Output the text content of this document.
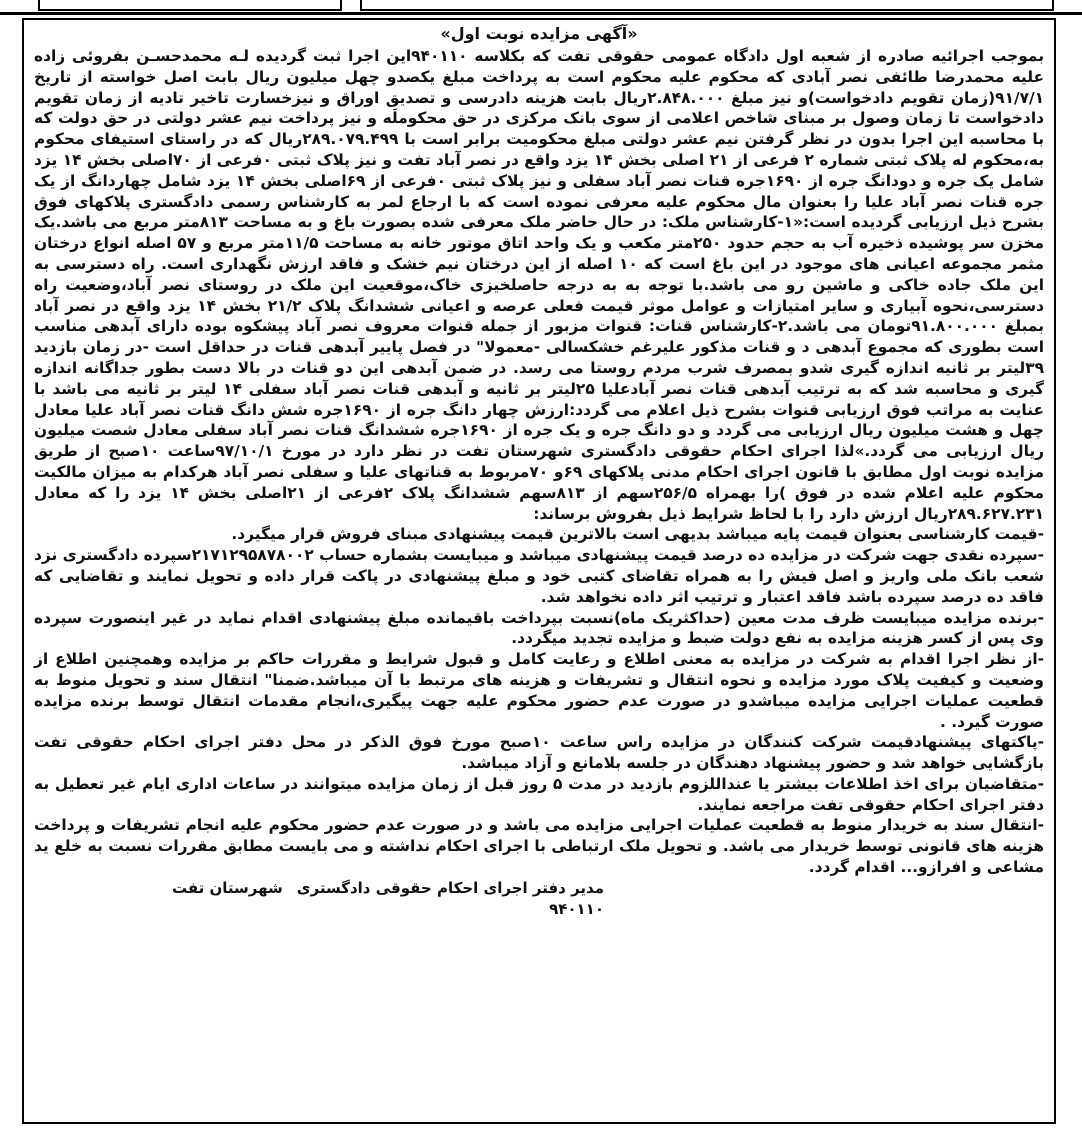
«آگهی مزایده نوبت اول»

بموجب اجرائیه صادره از شعبه اول دادگاه عمومی حقوقی تفت که بکلاسه ۹۴۰۱۱۰این اجرا ثبت گردیده لـه محمدحسـن بفروئی زاده علیه محمدرضا طائفی نصر آبادی که محکوم علیه محکوم است به پرداخت مبلغ یکصدو چهل میلیون ریال بابت اصل خواسته از تاریخ ۹۱/۷/۱(زمان تقویم دادخواست)و نیز مبلغ ۲.۸۴۸.۰۰۰ریال بابت هزینه دادرسی و تصدیق اوراق و نیزخسارت تاخیر تادیه از زمان تقویم دادخواست تا زمان وصول بر مبنای شاخص اعلامی از سوی بانک مرکزی در حق محکوملَه و نیز پرداخت نیم عشر دولتی در حق دولت که با محاسبه این اجرا بدون در نظر گرفتن نیم عشر دولتی مبلغ محکومیت برابر است با ۲۸۹.۰۷۹.۴۹۹ریال که در راستای استیفای محکوم به،محکوم له پلاک ثبتی شماره ۲ فرعی از ۲۱ اصلی بخش ۱۴ یزد واقع در نصر آباد تفت و نیز پلاک ثبتی ۰فرعی از ۷۰اصلی بخش ۱۴ یزد شامل یک جره و دودانگ جره از ۱۶۹۰جره قنات نصر آباد سفلی و نیز پلاک ثبتی ۰فرعی از ۶۹اصلی بخش ۱۴ یزد شامل چهاردانگ از یک جره قنات نصر آباد علیا را بعنوان مال محکوم علیه معرفی نموده است که با ارجاع لمر به کارشناس رسمی دادگستری پلاکهای فوق بشرح ذیل ارزیابی گردیده است:«۱-کارشناس ملک: در حال حاضر ملک معرفی شده بصورت باغ و به مساحت ۸۱۳متر مربع می باشد.یک مخزن سر پوشیده ذخیره آب به حجم حدود ۲۵۰متر مکعب و یک واحد اتاق موتور خانه به مساحت ۱۱/۵متر مربع و ۵۷ اصله انواع درختان مثمر مجموعه اعیانی های موجود در این باغ است که ۱۰ اصله از این درختان نیم خشک و فاقد ارزش نگهداری است. راه دسترسی به این ملک جاده خاکی و ماشین رو می باشد.با توجه به به درجه حاصلخیزی خاک،موقعیت این ملک در روستای نصر آباد،وضعیت راه دسترسی،نحوه آبیاری و سایر امتیازات و عوامل موثر قیمت فعلی عرصه و اعیانی ششدانگ پلاک ۲۱/۲ بخش ۱۴ یزد واقع در نصر آباد بمبلغ ۹۱.۸۰۰.۰۰۰تومان می باشد.۲-کارشناس قنات: قنوات مزبور از جمله قنوات معروف نصر آباد پیشکوه بوده دارای آبدهی مناسب است بطوری که مجموع آبدهی د و قنات مذکور علیرغم خشکسالی -معمولا" در فصل پاییر آبدهی قنات در حداقل است -در زمان بازدید ۳۹لیتر بر ثانیه اندازه گیری شدو بمصرف شرب مردم روستا می رسد. در ضمن آبدهی این دو قنات در بالا دست بطور جداگانه اندازه گیری و محاسبه شد که به ترتیب آبدهی قنات نصر آبادعلیا ۲۵لیتر بر ثانیه و آبدهی قنات نصر آباد سفلی ۱۴ لیتر بر ثانیه می باشد با عنایت به مراتب فوق ارزیابی قنوات بشرح ذیل اعلام می گردد:ارزش چهار دانگ جره از ۱۶۹۰جره شش دانگ قنات نصر آباد علیا معادل چهل و هشت میلیون ریال ارزیابی می گردد و دو دانگ جره و یک جره از ۱۶۹۰جره ششدانگ قنات نصر آباد سفلی معادل شصت میلیون ریال ارزیابی می گردد.»لذا اجرای احکام حقوقی دادگستری شهرستان تفت در نظر دارد در مورخ ۹۷/۱۰/۱ساعت ۱۰صبح از طریق مزایده نوبت اول مطابق با قانون اجرای احکام مدنی پلاکهای ۶۹و ۷۰مربوط به قناتهای علیا و سفلی نصر آباد هرکدام به میزان مالکیت محکوم علیه اعلام شده در فوق )را بهمراه ۲۵۶/۵سهم از ۸۱۳سهم ششدانگ پلاک ۲فرعی از ۲۱اصلی بخش ۱۴ یزد را که معادل ۲۸۹.۶۲۷.۲۳۱ریال ارزش دارد را با لحاظ شرایط ذیل بفروش برساند:

-قیمت کارشناسی بعنوان قیمت پایه میباشد بدیهی است بالاترین قیمت پیشنهادی مبنای فروش قرار میگیرد.

-سپرده نقدی جهت شرکت در مزایده ده درصد قیمت پیشنهادی میباشد و میبایست بشماره حساب ۲۱۷۱۲۹۵۸۷۸۰۰۲سپرده دادگستری نزد شعب بانک ملی واریز و اصل فیش را به همراه تقاضای کتبی خود و مبلغ پیشنهادی در پاکت قرار داده و تحویل نمایند و تقاضایی که فاقد ده درصد سپرده باشد فاقد اعتبار و ترتیب اثر داده نخواهد شد.

-برنده مزایده میبایست ظرف مدت معین (حداکثریک ماه)نسبت بپرداخت باقیمانده مبلغ پیشنهادی اقدام نماید در غیر اینصورت سپرده وی پس از کسر هزینه مزایده به نفع دولت ضبط و مزایده تجدید میگردد.

-از نظر اجرا اقدام به شرکت در مزایده به معنی اطلاع و رعایت کامل و قبول شرایط و مقررات حاکم بر مزایده وهمچنین اطلاع از وضعیت و کیفیت پلاک مورد مزایده و نحوه انتقال و تشریفات و هزینه های مرتبط با آن میباشد.ضمنا" انتقال سند و تحویل منوط به قطعیت عملیات اجرایی مزایده میباشدو در صورت عدم حضور محکوم علیه جهت پیگیری،انجام مقدمات انتقال توسط برنده مزایده صورت گیرد. .

-پاکتهای پیشنهادقیمت شرکت کنندگان در مزایده راس ساعت ۱۰صبح مورخ فوق الذکر در محل دفتر اجرای احکام حقوقی تفت بازگشایی خواهد شد و حضور پیشنهاد دهندگان در جلسه بلامانع و آزاد میباشد.

-متقاضیان برای اخذ اطلاعات بیشتر یا عنداللزوم بازدید در مدت ۵ روز قبل از زمان مزایده میتوانند در ساعات اداری ایام غیر تعطیل به دفتر اجرای احکام حقوقی تفت مراجعه نمایند.

-انتقال سند به خریدار منوط به قطعیت عملیات اجرایی مزایده می باشد و در صورت عدم حضور محکوم علیه انجام تشریفات و پرداخت هزینه های قانونی توسط خریدار می باشد. و تحویل ملک ارتباطی با اجرای احکام نداشته و می بایست مطابق مقررات نسبت به خلع ید مشاعی و افرازو... اقدام گردد.

مدیر دفتر اجرای احکام حقوقی دادگستری
شهرستان تفت
۹۴۰۱۱۰
